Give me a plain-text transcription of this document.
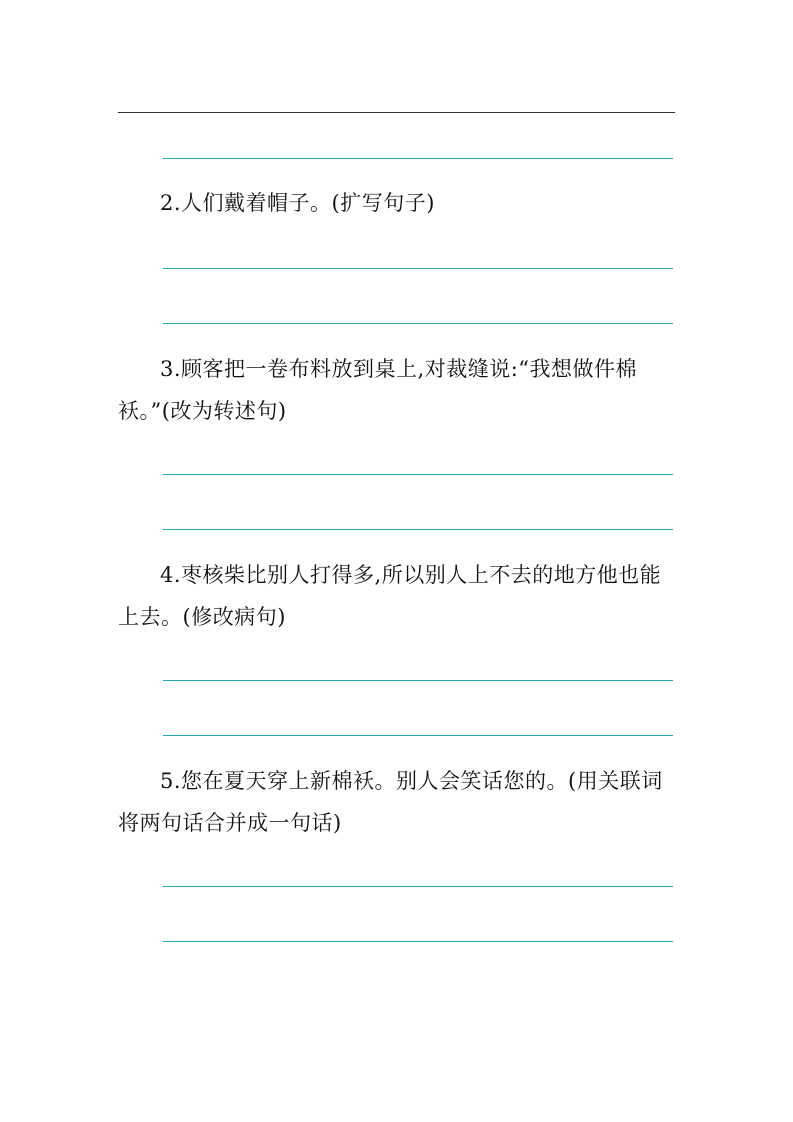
2.人们戴着帽子。(扩写句子)
3.顾客把一卷布料放到桌上,对裁缝说:“我想做件棉
袄。”(改为转述句)
4.枣核柴比别人打得多,所以别人上不去的地方他也能
上去。(修改病句)
5.您在夏天穿上新棉袄。别人会笑话您的。(用关联词
将两句话合并成一句话)
